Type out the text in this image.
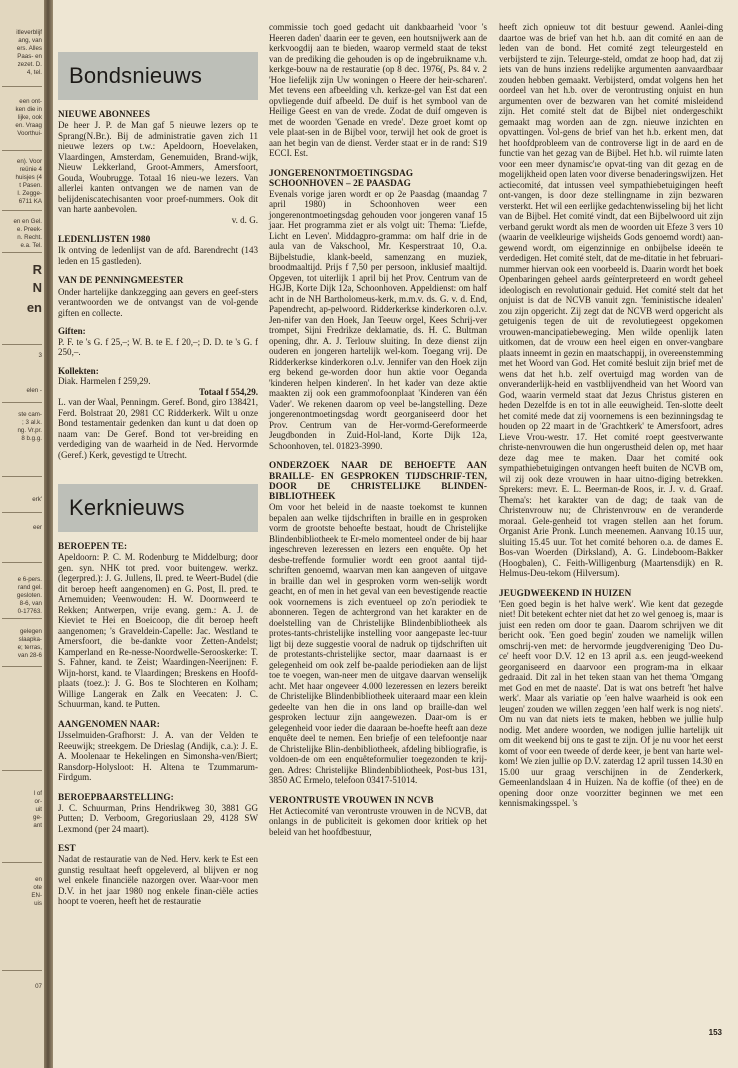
itleverblijf
ang, van
ers. Alles
Paas- en
zezet. D.
4, tel.
een ont-
ken die in
lijke, ook
en. Vraag
Voorthui-
en). Voor
reünie 4
huisjes (4
t Pasen.
I. Zegge-
6711 KA
en en Gel.
e. Preek-
n. Recht.
e.a. Tel.
R
N
en
3
elen -
ste cam-
; 3 al.k.
ng. Vr.pr.
8 b.g.g.
erk'
eer
e 6-pers.
rand gel.
gesloten.
8-6, van
0-17763.
gelegen
slaapka-
e; terras,
van 28-6
l of
or-
uit
ge-
ant
en
ote
EN-
uis
07
Bondsnieuws
NIEUWE ABONNEES

De heer J. P. de Man gaf 5 nieuwe lezers op te Sprang(N.Br.). Bij de administratie gaven zich 11 nieuwe lezers op t.w.: Apeldoorn, Hoevelaken, Vlaardingen, Amsterdam, Genemuiden, Brand-wijk, Nieuw Lekkerland, Groot-Ammers, Amersfoort, Gouda, Woubrugge. Totaal 16 nieu-we lezers. Van allerlei kanten ontvangen we de namen van de belijdeniscatechisanten voor proef-nummers. Ook dit van harte aanbevolen.

v. d. G.

LEDENLIJSTEN 1980

Ik ontving de ledenlijst van de afd. Barendrecht (143 leden en 15 gastleden).

VAN DE PENNINGMEESTER

Onder hartelijke dankzegging aan gevers en geef-sters verantwoorden we de ontvangst van de vol-gende giften en collecte.

Giften:

P. F. te 's G. f 25,–; W. B. te E. f 20,–; D. D. te 's G. f 250,–.

Kollekten:

Diak. Harmelen f 259,29.

Totaal f 554,29.

L. van der Waal, Penningm. Geref. Bond, giro 138421, Ferd. Bolstraat 20, 2981 CC Ridderkerk. Wilt u onze Bond testamentair gedenken dan kunt u dat doen op naam van: De Geref. Bond tot ver-breiding en verdediging van de waarheid in de Ned. Hervormde (Geref.) Kerk, gevestigd te Utrecht.

Kerknieuws
BEROEPEN TE:

Apeldoorn: P. C. M. Rodenburg te Middelburg; door gen. syn. NHK tot pred. voor buitengew. werkz. (legerpred.): J. G. Jullens, Il. pred. te Weert-Budel (die dit beroep heeft aangenomen) en G. Post, Il. pred. te Arnemuiden; Veenwouden: H. W. Doornweerd te Rekken; Antwerpen, vrije evang. gem.: A. J. de Kieviet te Hei en Boeicoop, die dit beroep heeft aangenomen; 's Graveldein-Capelle: Jac. Westland te Amersfoort, die be-dankte voor Zetten-Andelst; Kamperland en Re-nesse-Noordwelle-Serooskerke: T. S. Fahner, kand. te Zeist; Waardingen-Neerijnen: F. Wijn-horst, kand. te Vlaardingen; Breskens en Hoofd-plaats (toez.): J. G. Bos te Slochteren en Kolham; Willige Langerak en Zalk en Veecaten: J. C. Schuurman, kand. te Putten.

AANGENOMEN NAAR:

IJsselmuiden-Grafhorst: J. A. van der Velden te Reeuwijk; streekgem. De Drieslag (Andijk, c.a.): J. E. A. Moolenaar te Hekelingen en Simonsha-ven/Biert; Ransdorp-Holysloot: H. Altena te Tzummarum-Firdgum.

BEROEPBAARSTELLING:

J. C. Schuurman, Prins Hendrikweg 30, 3881 GG Putten; D. Verboom, Gregoriuslaan 29, 4128 SW Lexmond (per 24 maart).

EST

Nadat de restauratie van de Ned. Herv. kerk te Est een gunstig resultaat heeft opgeleverd, al blijven er nog wel enkele financiële nazorgen over. Waar-voor men D.V. in het jaar 1980 nog enkele finan-ciële acties hoopt te voeren, heeft het de restauratie

commissie toch goed gedacht uit dankbaarheid 'voor 's Heeren daden' daarin eer te geven, een houtsnijwerk aan de kerkvoogdij aan te bieden, waarop vermeld staat de tekst van de prediking die gehouden is op de ingebruikname v.h. kerkge-bouw na de restauratie (op 8 dec. 1976(, Ps. 84 v. 2 'Hoe liefelijk zijn Uw woningen o Heere der heir-scharen'. Met tevens een afbeelding v.h. kerkze-gel van Est dat een opvliegende duif afbeeld. De duif is het symbool van de Heilige Geest en van de vrede. Zodat de duif omgeven is met de woorden 'Genade en vrede'. Deze groet komt op vele plaat-sen in de Bijbel voor, terwijl het ook de groet is aan het begin van de dienst. Verder staat er in de rand: S19 ECCI. Est.

JONGERENONTMOETINGSDAG SCHOONHOVEN – 2E PAASDAG

Evenals vorige jaren wordt er op 2e Paasdag (maandag 7 april 1980) in Schoonhoven weer een jongerenontmoetingsdag gehouden voor jongeren vanaf 15 jaar. Het programma ziet er als volgt uit: Thema: 'Liefde, Licht en Leven'. Middagpro-gramma: om half drie in de aula van de Vakschool, Mr. Kesperstraat 10, O.a. Bijbelstudie, klank-beeld, samenzang en muziek, broodmaaltijd. Prijs f 7,50 per persoon, inklusief maaltijd. Opgeven, tot uiterlijk 1 april bij het Prov. Centrum van de HGJB, Korte Dijk 12a, Schoonhoven. Appeldienst: om half acht in de NH Bartholomeus-kerk, m.m.v. ds. G. v. d. End, Papendrecht, ap-pelwoord. Ridderkerkse kinderkoren o.l.v. Jen-nifer van den Hoek, Jan Teeuw orgel, Kees Schrij-ver trompet, Sijni Fredrikze deklamatie, ds. H. C. Bultman opening, dhr. A. J. Terlouw sluiting. In deze dienst zijn ouderen en jongeren hartelijk wel-kom. Toegang vrij. De Ridderkerkse kinderkoren o.l.v. Jennifer van den Hoek zijn erg bekend ge-worden door hun aktie voor Oeganda 'kinderen helpen kinderen'. In het kader van deze aktie maakten zij ook een grammofoonplaat 'Kinderen van één Vader'. We rekenen daarom op veel be-langstelling. Deze jongerenontmoetingsdag wordt georganiseerd door het Prov. Centrum van de Her-vormd-Gereformeerde Jeugdbonden in Zuid-Hol-land, Korte Dijk 12a, Schoonhoven, tel. 01823-3990.

ONDERZOEK NAAR DE BEHOEFTE AAN BRAILLE- EN GESPROKEN TIJDSCHRIF-TEN, DOOR DE CHRISTELIJKE BLINDEN-BIBLIOTHEEK

Om voor het beleid in de naaste toekomst te kunnen bepalen aan welke tijdschriften in braille en in gesproken vorm de grootste behoefte bestaat, houdt de Christelijke Blindenbibliotheek te Er-melo momenteel onder de bij haar ingeschreven lezeressen en lezers een enquête. Op het desbe-treffende formulier wordt een groot aantal tijd-schriften genoemd, waarvan men kan aangeven of uitgave in braille dan wel in gesproken vorm wen-selijk wordt geacht, en of men in het geval van een bevestigende reactie ook voornemens is zich eventueel op zo'n periodiek te abonneren. Tegen de achtergrond van het karakter en de doelstelling van de Christelijke Blindenbibliotheek als protes-tants-christelijke instelling voor aangepaste lec-tuur ligt bij deze suggestie vooral de nadruk op tijdschriften uit de protestants-christelijke sector, maar daarnaast is er gelegenheid om ook zelf be-paalde periodieken aan de lijst toe te voegen, wan-neer men de uitgave daarvan wenselijk acht. Met haar ongeveer 4.000 lezeressen en lezers bereikt de Christelijke Blindenbibliotheek uiteraard maar een klein gedeelte van hen die in ons land op braille-dan wel gesproken lectuur zijn aangewezen. Daar-om is er gelegenheid voor ieder die daaraan be-hoefte heeft aan deze enquête deel te nemen. Een briefje of een telefoontje naar de Christelijke Blin-denbibliotheek, afdeling bibliografie, is voldoen-de om een enquêteformulier toegezonden te krij-gen. Adres: Christelijke Blindenbibliotheek, Post-bus 131, 3850 AC Ermelo, telefoon 03417-51014.

VERONTRUSTE VROUWEN IN NCVB

Het Actiecomité van verontruste vrouwen in de NCVB, dat onlangs in de publiciteit is gekomen door kritiek op het beleid van het hoofdbestuur,

heeft zich opnieuw tot dit bestuur gewend. Aanlei-ding daartoe was de brief van het h.b. aan dit comité en aan de leden van de bond. Het comité zegt teleurgesteld en verbijsterd te zijn. Teleurge-steld, omdat ze hoop had, dat zij iets van de huns inziens redelijke argumenten aanvaardbaar zouden hebben gemaakt. Verbijsterd, omdat volgens hen het oordeel van het h.b. over de verontrusting onjuist en hun argumenten over de bezwaren van het comité misleidend zijn. Het comité stelt dat de Bijbel niet ondergeschikt gemaakt mag worden aan de zgn. nieuwe inzichten en opvattingen. Vol-gens de brief van het h.b. erkent men, dat het hoofdprobleem van de controverse ligt in de aard en de functie van het gezag van de Bijbel. Het h.b. wil ruimte laten voor een meer dynamisc'ıe opvat-ting van dit gezag en de mogelijkheid open laten voor diverse benaderingswijzen. Het actiecomité, dat intussen veel sympathiebetuigingen heeft ont-vangen, is door deze stellingname in zijn bezwaren versterkt. Het wil een eerlijke gedachtenwisseling bij het licht van de Bijbel. Het comité vindt, dat een Bijbelwoord uit zijn verband gerukt wordt als men de woorden uit Efeze 3 vers 10 (waarin de veelkleurige wijsheids Gods genoemd wordt) aan-gewend wordt, om eigenzinnige en onbijbelse ideeën te verdedigen. Het comité stelt, dat de me-ditatie in het februari-nummer hiervan ook een voorbeeld is. Daarin wordt het boek Openbaringen geheel aards geïnterpreteerd en wordt geheel ideologisch en revolutionair geduid. Het comité stelt dat het onjuist is dat de NCVB vanuit zgn. 'feministische idealen' zou zijn opgericht. Zij zegt dat de NCVB werd opgericht als getuigenis tegen de uit de revolutiegeest opgekomen vrouwen-mancipatiebeweging. Men wilde openlijk laten uitkomen, dat de vrouw een heel eigen en onver-vangbare plaats inneemt in gezin en maatschappij, in overeenstemming met het Woord van God. Het comité besluit zijn brief met de wens dat het h.b. zelf overtuigd mag worden van de onveranderlijk-heid en vastblijvendheid van het Woord van God, waarin vermeld staat dat Jezus Christus gisteren en heden Dezelfde is en tot in alle eeuwigheid. Ten-slotte deelt het comité mede dat zij voornemens is een bezinningsdag te houden op 22 maart in de 'Grachtkerk' te Amersfoort, adres Lieve Vrou-westr. 17. Het comité roept geestverwante christe-nenvrouwen die hun ongerustheid delen op, met haar deze dag mee te maken. Daar het comité ook sympathiebetuigingen ontvangen heeft buiten de NCVB om, wil zij ook deze vrouwen in haar uitno-diging betrekken. Sprekers: mevr. E. L. Beerman-de Roos, ir. J. v. d. Graaf. Thema's: het karakter van de dag; de taak van de Christenvrouw nu; de Christenvrouw en de veranderde moraal. Gele-genheid tot vragen stellen aan het forum. Organist Arie Pronk. Lunch meenemen. Aanvang 10.15 uur, sluiting 15.45 uur. Tot het comité behoren o.a. de dames E. Bos-van Woerden (Dirksland), A. G. Lindeboom-Bakker (Hoogbalen), C. Feith-Willigenburg (Maartensdijk) en R. Helmus-Deu-tekom (Hilversum).

JEUGDWEEKEND IN HUIZEN

'Een goed begin is het halve werk'. Wie kent dat gezegde niet! Dit betekent echter niet dat het zo wel genoeg is, maar is juist een reden om door te gaan. Daarom schrijven we dit bericht ook. 'Een goed begin' zouden we namelijk willen omschrij-ven met: de hervormde jeugdvereniging 'Deo Du-ce' heeft voor D.V. 12 en 13 april a.s. een jeugd-weekend georganiseerd en daarvoor een program-ma in elkaar gedraaid. Dit zal in het teken staan van het thema 'Omgang met God en met de naaste'. Dat is wat ons betreft 'het halve werk'. Maar als variatie op 'een halve waarheid is ook een leugen' zouden we willen zeggen 'een half werk is nog niets'. Om nu van dat niets iets te maken, hebben we jullie hulp nodig. Met andere woorden, we nodigen jullie hartelijk uit om dit weekend bij ons te gast te zijn. Of je nu voor het eerst komt of voor een tweede of derde keer, je bent van harte wel-kom! We zien jullie op D.V. zaterdag 12 april tussen 14.30 en 15.00 uur graag verschijnen in de Zenderkerk, Gemeenlandslaan 4 in Huizen. Na de koffie (of thee) en de opening door onze voorzitter beginnen we met een kennismakingsspel. 's

153
